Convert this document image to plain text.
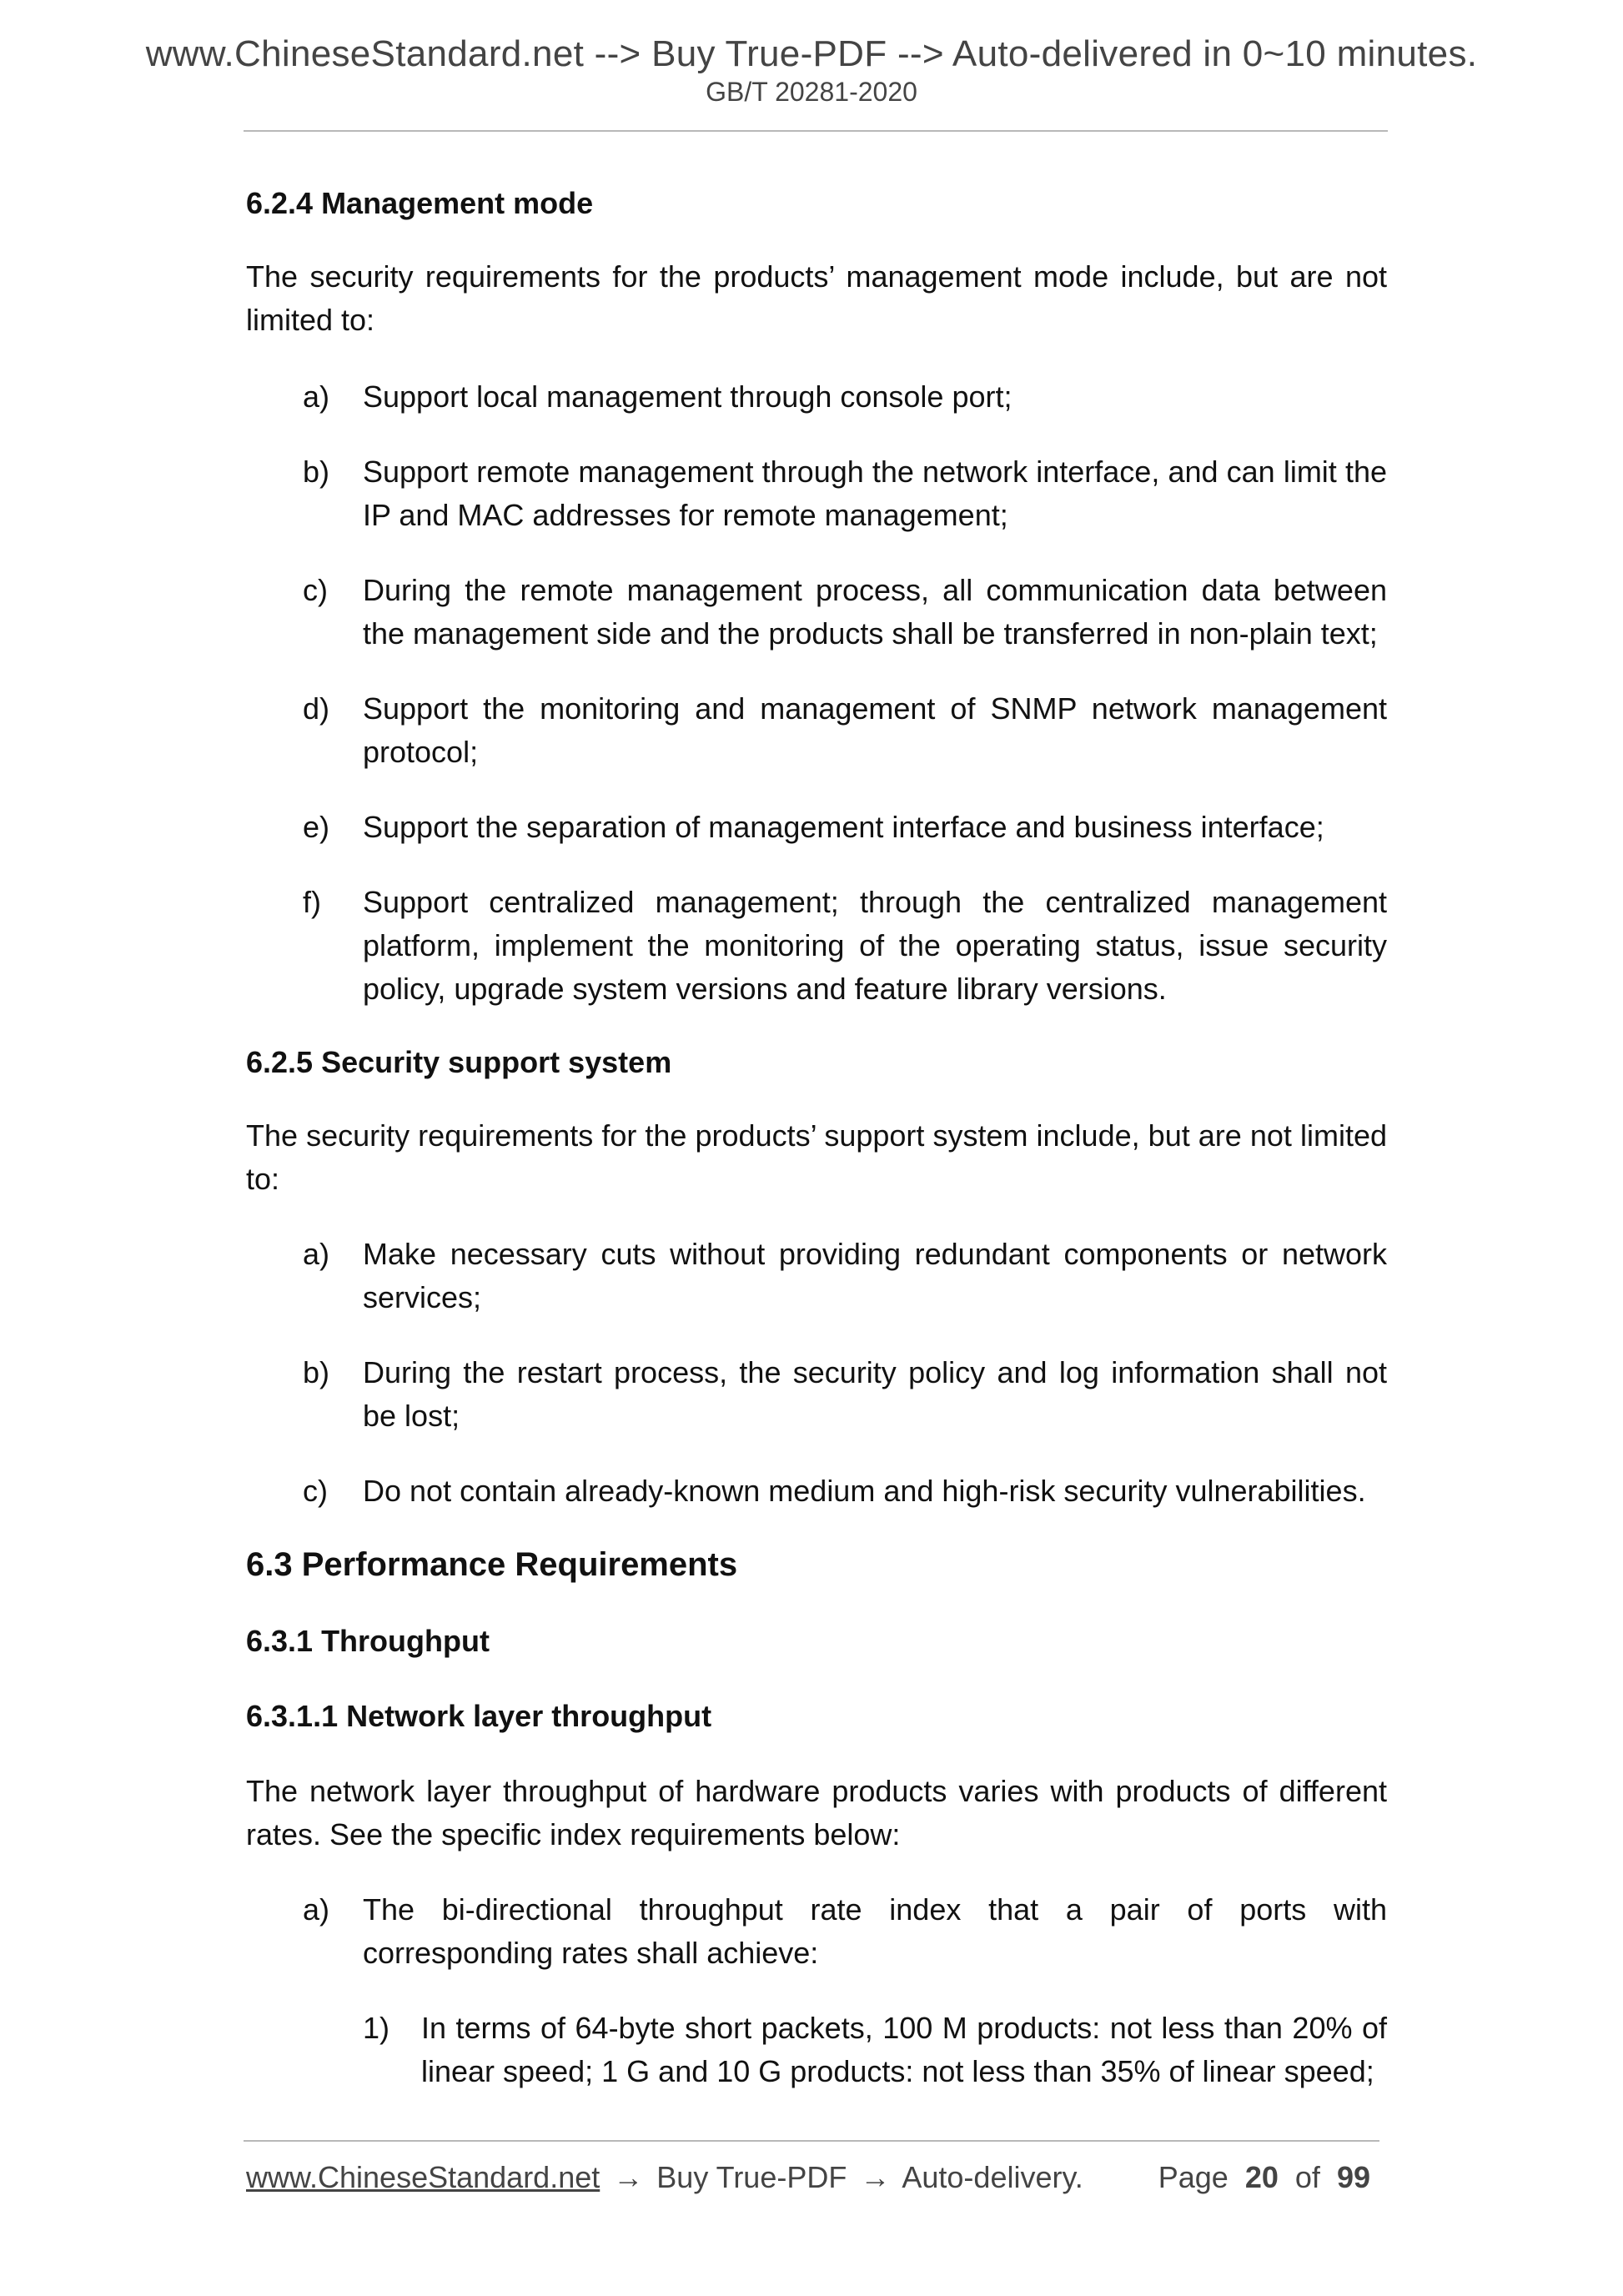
www.ChineseStandard.net --> Buy True-PDF --> Auto-delivered in 0~10 minutes.
GB/T 20281-2020
6.2.4 Management mode
The security requirements for the products’ management mode include, but are not limited to:
a) Support local management through console port;
b) Support remote management through the network interface, and can limit the IP and MAC addresses for remote management;
c) During the remote management process, all communication data between the management side and the products shall be transferred in non-plain text;
d) Support the monitoring and management of SNMP network management protocol;
e) Support the separation of management interface and business interface;
f) Support centralized management; through the centralized management platform, implement the monitoring of the operating status, issue security policy, upgrade system versions and feature library versions.
6.2.5 Security support system
The security requirements for the products’ support system include, but are not limited to:
a) Make necessary cuts without providing redundant components or network services;
b) During the restart process, the security policy and log information shall not be lost;
c) Do not contain already-known medium and high-risk security vulnerabilities.
6.3 Performance Requirements
6.3.1 Throughput
6.3.1.1 Network layer throughput
The network layer throughput of hardware products varies with products of different rates. See the specific index requirements below:
a) The bi-directional throughput rate index that a pair of ports with corresponding rates shall achieve:
1) In terms of 64-byte short packets, 100 M products: not less than 20% of linear speed; 1 G and 10 G products: not less than 35% of linear speed;
www.ChineseStandard.net → Buy True-PDF → Auto-delivery. Page 20 of 99
